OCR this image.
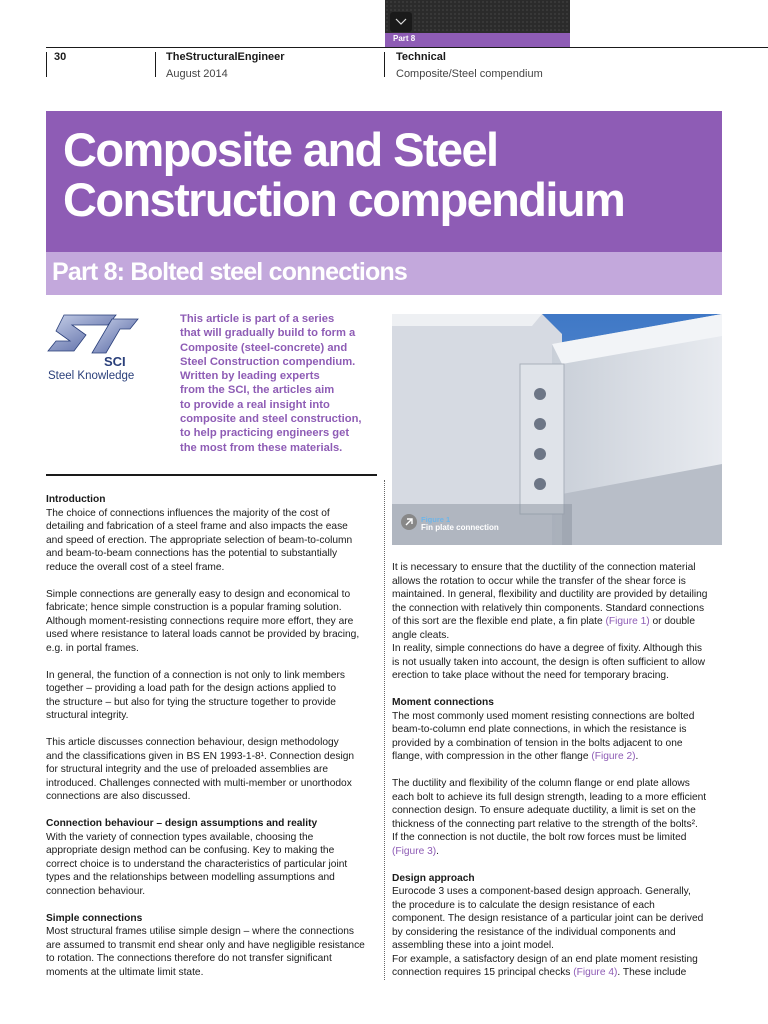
Part 8
30	TheStructuralEngineer
August 2014
Technical
Composite/Steel compendium
Composite and Steel
Construction compendium
Part 8: Bolted steel connections
SCI
Steel Knowledge

This article is part of a series

that will gradually build to form a

Composite (steel-concrete) and

Steel Construction compendium.

Written by leading experts

from the SCI, the articles aim

to provide a real insight into

composite and steel construction,

to help practicing engineers get

the most from these materials.

Figure 1
Fin plate connection

Introduction

The choice of connections influences the majority of the cost of

detailing and fabrication of a steel frame and also impacts the ease

and speed of erection. The appropriate selection of beam-to-column

and beam-to-beam connections has the potential to substantially

reduce the overall cost of a steel frame.

Simple connections are generally easy to design and economical to

fabricate; hence simple construction is a popular framing solution.

Although moment-resisting connections require more effort, they are

used where resistance to lateral loads cannot be provided by bracing,

e.g. in portal frames.

In general, the function of a connection is not only to link members

together – providing a load path for the design actions applied to

the structure – but also for tying the structure together to provide

structural integrity.

This article discusses connection behaviour, design methodology

and the classifications given in BS EN 1993-1-8¹. Connection design

for structural integrity and the use of preloaded assemblies are

introduced. Challenges connected with multi-member or unorthodox

connections are also discussed.

Connection behaviour – design assumptions and reality

With the variety of connection types available, choosing the

appropriate design method can be confusing. Key to making the

correct choice is to understand the characteristics of particular joint

types and the relationships between modelling assumptions and

connection behaviour.

Simple connections

Most structural frames utilise simple design – where the connections

are assumed to transmit end shear only and have negligible resistance

to rotation. The connections therefore do not transfer significant

moments at the ultimate limit state.

It is necessary to ensure that the ductility of the connection material

allows the rotation to occur while the transfer of the shear force is

maintained. In general, flexibility and ductility are provided by detailing

the connection with relatively thin components. Standard connections

of this sort are the flexible end plate, a fin plate (Figure 1) or double

angle cleats.

In reality, simple connections do have a degree of fixity. Although this

is not usually taken into account, the design is often sufficient to allow

erection to take place without the need for temporary bracing.

Moment connections

The most commonly used moment resisting connections are bolted

beam-to-column end plate connections, in which the resistance is

provided by a combination of tension in the bolts adjacent to one

flange, with compression in the other flange (Figure 2).

The ductility and flexibility of the column flange or end plate allows

each bolt to achieve its full design strength, leading to a more efficient

connection design. To ensure adequate ductility, a limit is set on the

thickness of the connecting part relative to the strength of the bolts².

If the connection is not ductile, the bolt row forces must be limited

(Figure 3).

Design approach

Eurocode 3 uses a component-based design approach. Generally,

the procedure is to calculate the design resistance of each

component. The design resistance of a particular joint can be derived

by considering the resistance of the individual components and

assembling these into a joint model.

For example, a satisfactory design of an end plate moment resisting

connection requires 15 principal checks (Figure 4). These include
